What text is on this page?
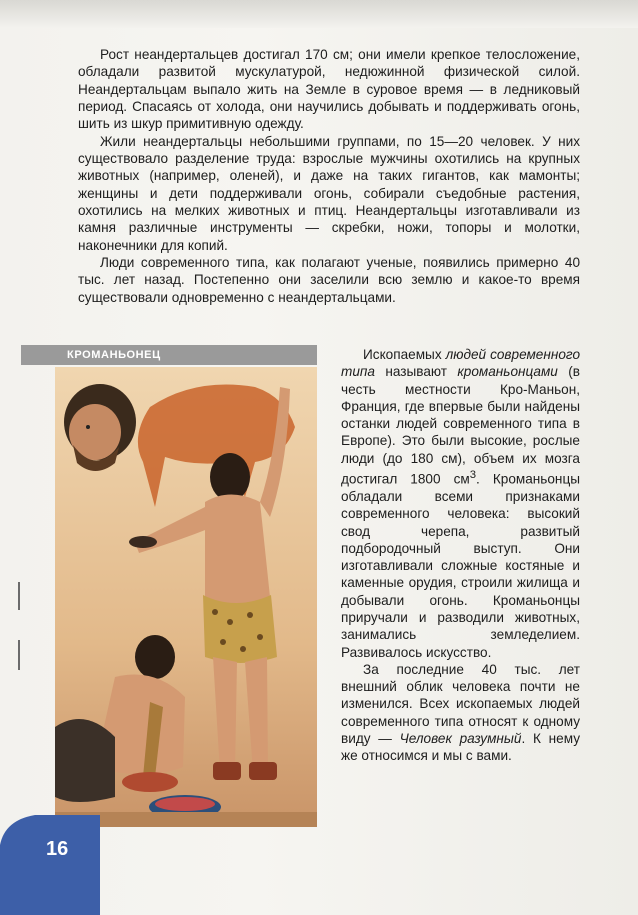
Рост неандертальцев достигал 170 см; они имели крепкое телосложение, обладали развитой мускулатурой, недюжинной физической силой. Неандертальцам выпало жить на Земле в суровое время — в ледниковый период. Спасаясь от холода, они научились добывать и поддерживать огонь, шить из шкур примитивную одежду.

Жили неандертальцы небольшими группами, по 15—20 человек. У них существовало разделение труда: взрослые мужчины охотились на крупных животных (например, оленей), и даже на таких гигантов, как мамонты; женщины и дети поддерживали огонь, собирали съедобные растения, охотились на мелких животных и птиц. Неандертальцы изготавливали из камня различные инструменты — скребки, ножи, топоры и молотки, наконечники для копий.

Люди современного типа, как полагают ученые, появились примерно 40 тыс. лет назад. Постепенно они заселили всю землю и какое-то время существовали одновременно с неандертальцами.

КРОМАНЬОНЕЦ	Ископаемых людей современного типа называют кроманьонцами (в честь местности Кро-Маньон, Франция, где впервые были найдены останки людей современного типа в Европе). Это были высокие, рослые люди (до 180 см), объем их мозга достигал 1800 $см^3$. Кроманьонцы обладали всеми признаками современного человека: высокий свод черепа, развитый подбородочный выступ. Они изготавливали сложные костяные и каменные орудия, строили жилища и добывали огонь. Кроманьонцы приручали и разводили животных, занимались земледелием. Развивалось искусство.

За последние 40 тыс. лет внешний облик человека почти не изменился. Всех ископаемых людей современного типа относят к одному виду — Человек разумный. К нему же относимся и мы с вами.

16
